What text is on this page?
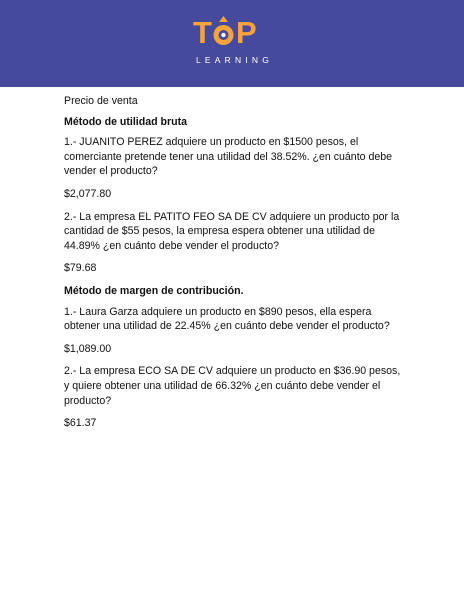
T P
LEARNING

Precio de venta

Método de utilidad bruta

1.- JUANITO PEREZ adquiere un producto en $1500 pesos, el comerciante pretende tener una utilidad del 38.52%. ¿en cuánto debe vender el producto?

$2,077.80

2.- La empresa EL PATITO FEO SA DE CV adquiere un producto por la cantidad de $55 pesos, la empresa espera obtener una utilidad de 44.89% ¿en cuánto debe vender el producto?

$79.68

Método de margen de contribución.

1.- Laura Garza adquiere un producto en $890 pesos, ella espera obtener una utilidad de 22.45% ¿en cuánto debe vender el producto?

$1,089.00

2.- La empresa ECO SA DE CV adquiere un producto en $36.90 pesos, y quiere obtener una utilidad de 66.32% ¿en cuánto debe vender el producto?

$61.37
